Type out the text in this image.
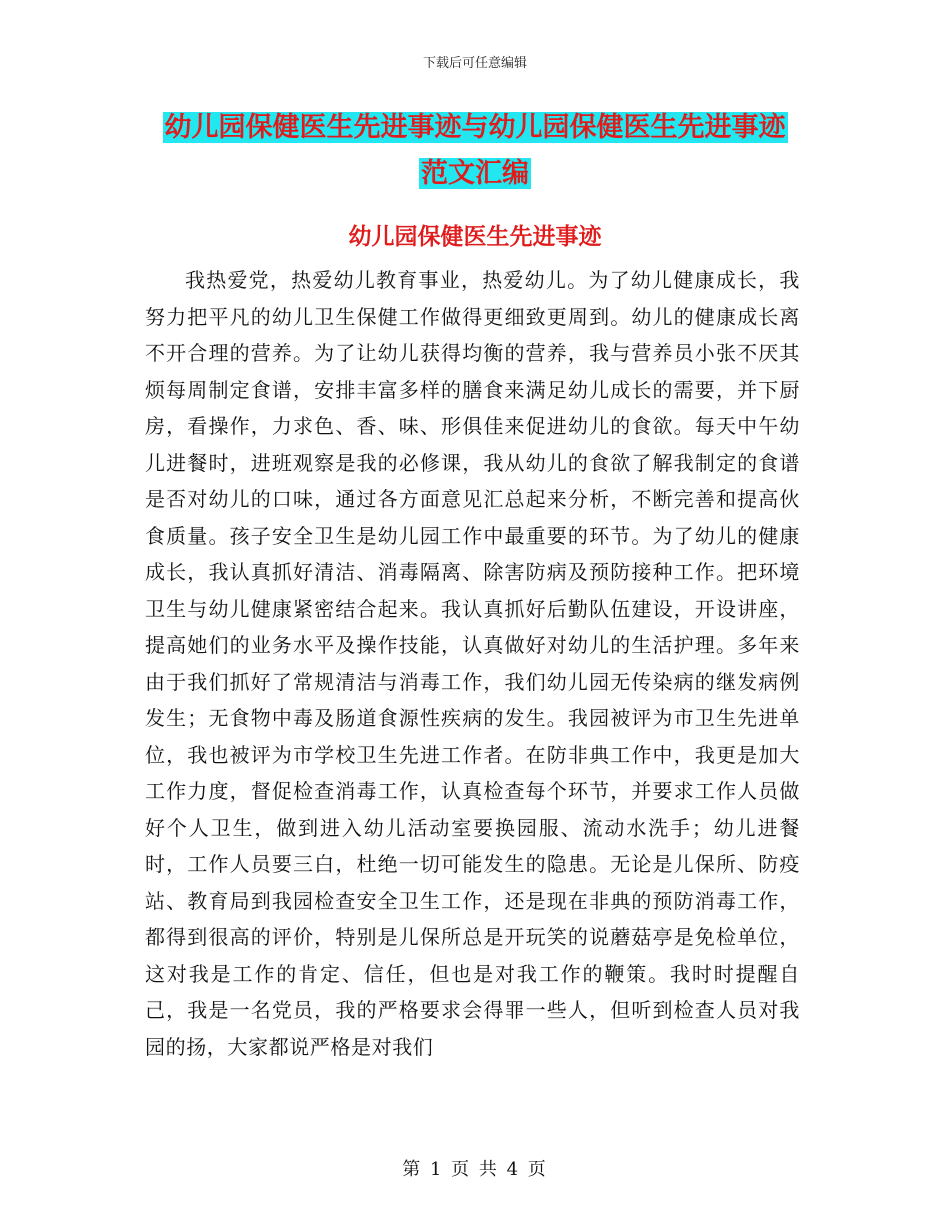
下载后可任意编辑
幼儿园保健医生先进事迹与幼儿园保健医生先进事迹
范文汇编
幼儿园保健医生先进事迹

我热爱党，热爱幼儿教育事业，热爱幼儿。为了幼儿健康成长，我努力把平凡的幼儿卫生保健工作做得更细致更周到。幼儿的健康成长离不开合理的营养。为了让幼儿获得均衡的营养，我与营养员小张不厌其烦每周制定食谱，安排丰富多样的膳食来满足幼儿成长的需要，并下厨房，看操作，力求色、香、味、形俱佳来促进幼儿的食欲。每天中午幼儿进餐时，进班观察是我的必修课，我从幼儿的食欲了解我制定的食谱是否对幼儿的口味，通过各方面意见汇总起来分析，不断完善和提高伙食质量。孩子安全卫生是幼儿园工作中最重要的环节。为了幼儿的健康成长，我认真抓好清洁、消毒隔离、除害防病及预防接种工作。把环境卫生与幼儿健康紧密结合起来。我认真抓好后勤队伍建设，开设讲座，提高她们的业务水平及操作技能，认真做好对幼儿的生活护理。多年来由于我们抓好了常规清洁与消毒工作，我们幼儿园无传染病的继发病例发生；无食物中毒及肠道食源性疾病的发生。我园被评为市卫生先进单位，我也被评为市学校卫生先进工作者。在防非典工作中，我更是加大工作力度，督促检查消毒工作，认真检查每个环节，并要求工作人员做好个人卫生，做到进入幼儿活动室要换园服、流动水洗手；幼儿进餐时，工作人员要三白，杜绝一切可能发生的隐患。无论是儿保所、防疫站、教育局到我园检查安全卫生工作，还是现在非典的预防消毒工作，都得到很高的评价，特别是儿保所总是开玩笑的说蘑菇亭是免检单位，这对我是工作的肯定、信任，但也是对我工作的鞭策。我时时提醒自己，我是一名党员，我的严格要求会得罪一些人，但听到检查人员对我园的扬，大家都说严格是对我们

第 1 页 共 4 页
